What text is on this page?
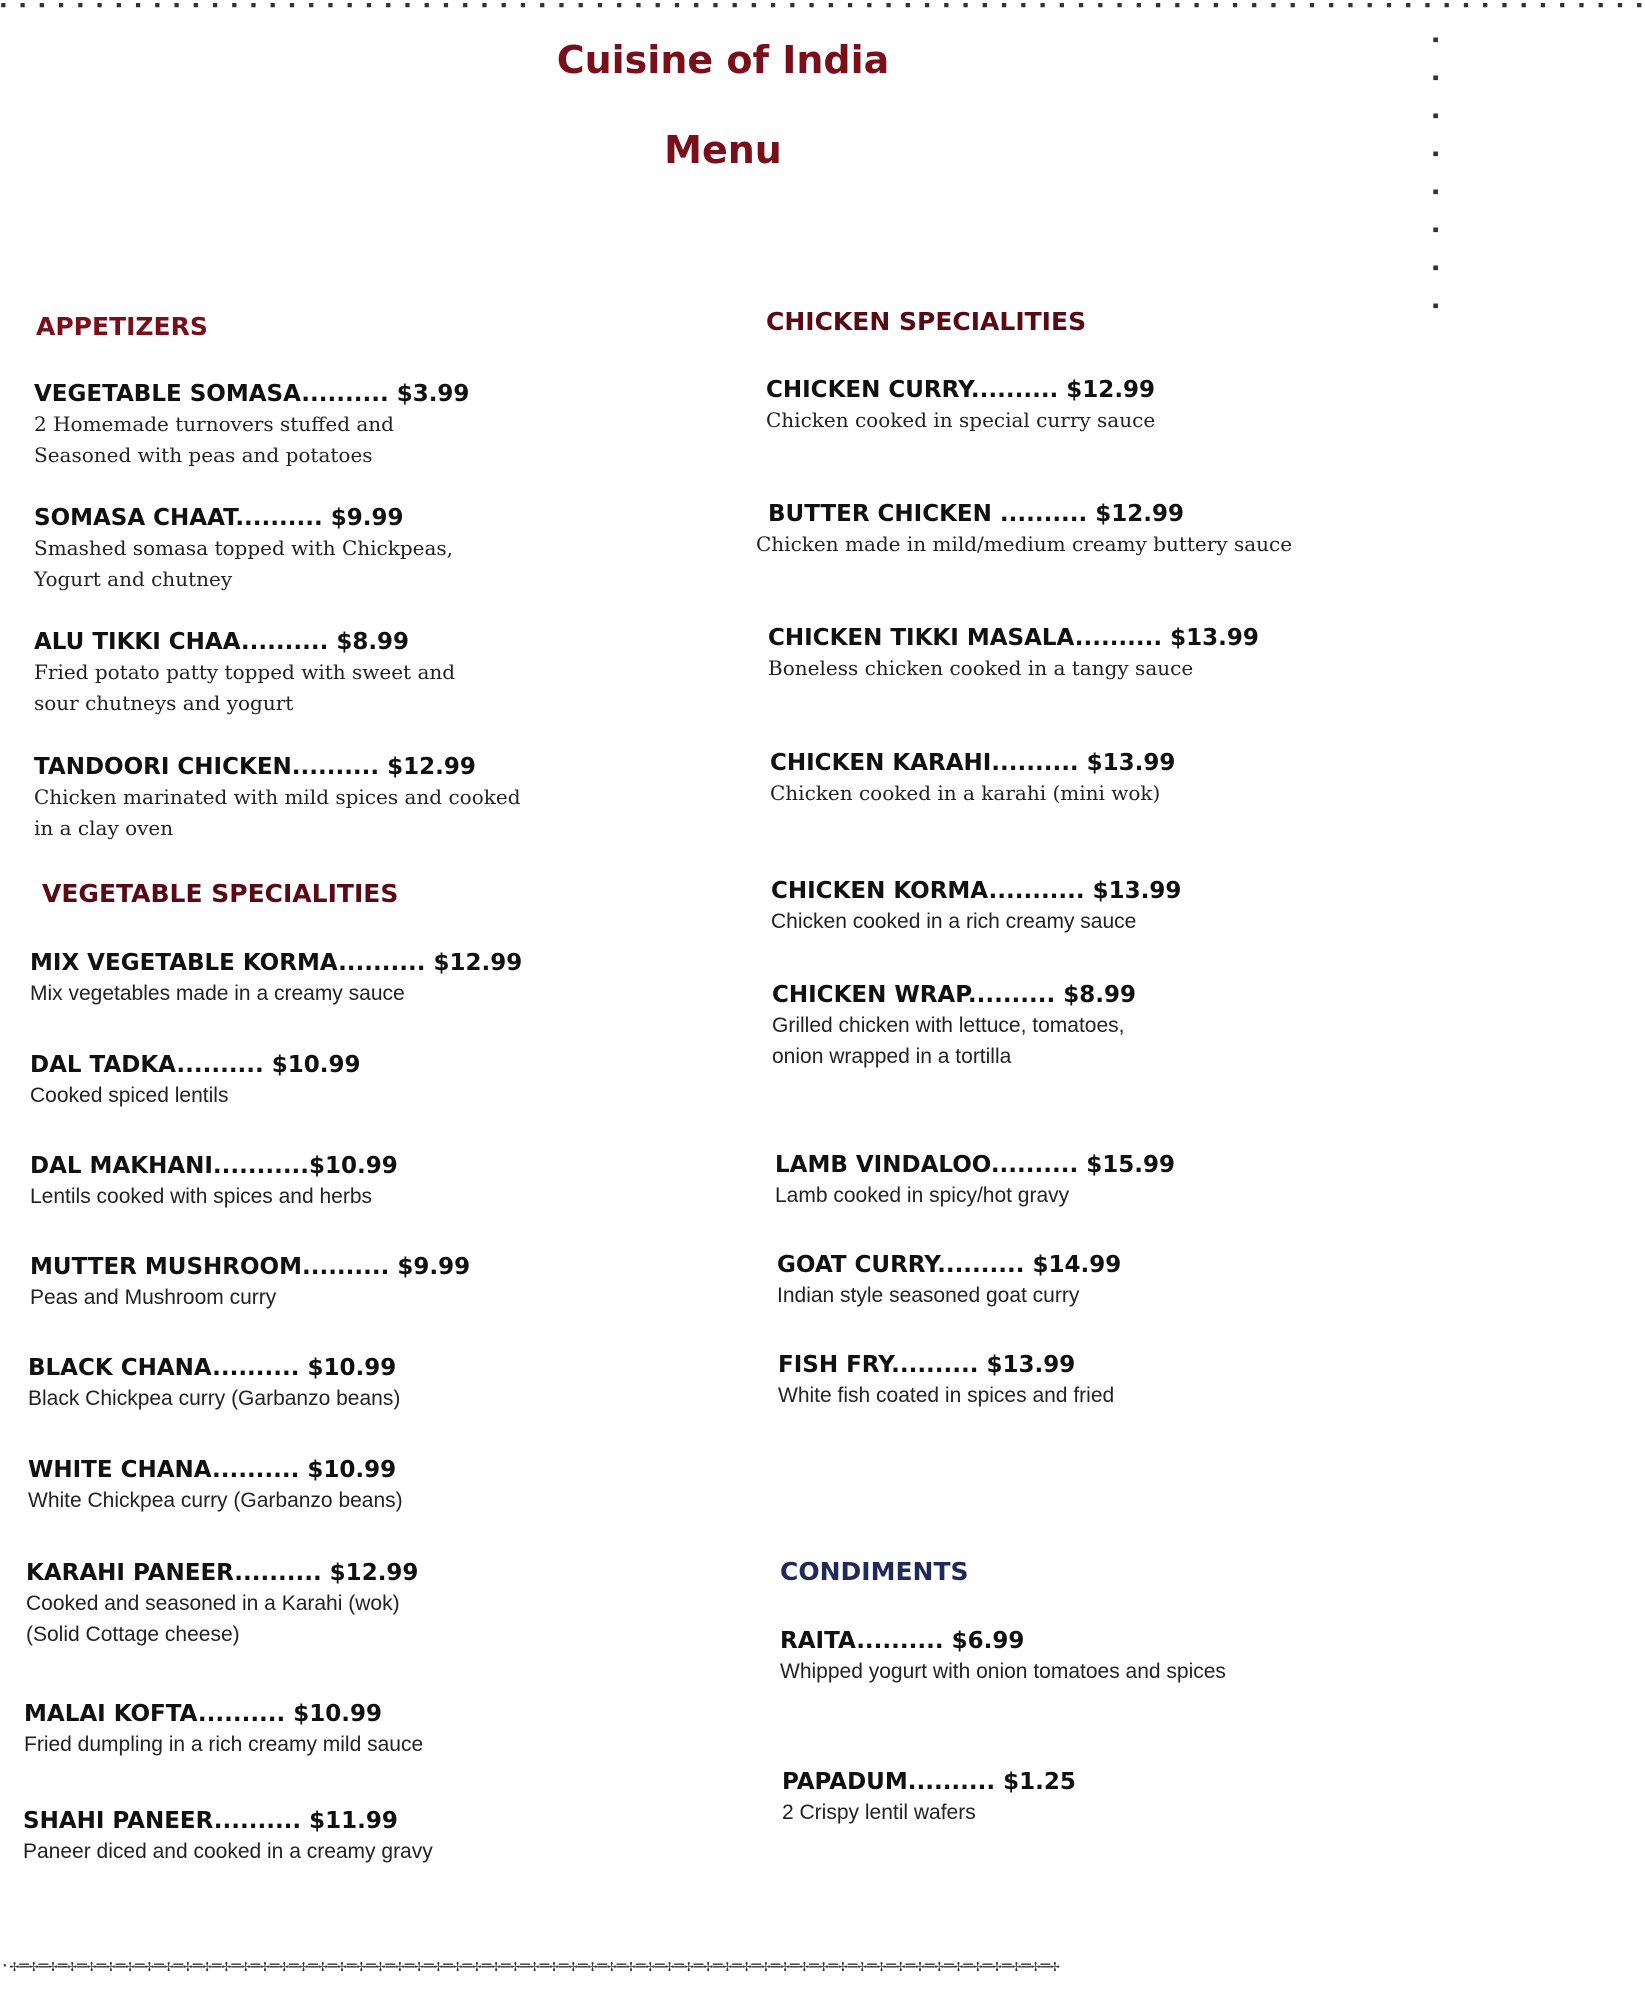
▪ ▪ ▪ ▪ ▪ ▪ ▪ ▪ ▪ ▪ ▪ ▪ ▪ ▪ ▪ ▪ ▪ ▪ ▪ ▪ ▪ ▪ ▪ ▪ ▪ ▪ ▪ ▪ ▪ ▪ ▪ ▪ ▪ ▪ ▪ ▪ ▪ ▪ ▪ ▪ ▪ ▪ ▪ ▪ ▪ ▪ ▪ ▪ ▪ ▪ ▪ ▪ ▪ ▪ ▪ ▪ ▪ ▪ ▪ ▪ ▪ ▪ ▪ ▪ ▪ ▪ ▪ ▪ ▪ ▪ ▪ ▪ ▪ ▪ ▪ ▪ ▪ ▪ ▪ ▪ ▪ ▪ ▪ ▪ ▪ ▪
▪ ▪ ▪ ▪ ▪ ▪ ▪ ▪
Cuisine of India
Menu
APPETIZERS
VEGETABLE SOMASA.......... $3.99
2 Homemade turnovers stuffed and
Seasoned with peas and potatoes
SOMASA CHAAT.......... $9.99
Smashed somasa topped with Chickpeas,
Yogurt and chutney
ALU TIKKI CHAA.......... $8.99
Fried potato patty topped with sweet and
sour chutneys and yogurt
TANDOORI CHICKEN.......... $12.99
Chicken marinated with mild spices and cooked
in a clay oven
VEGETABLE SPECIALITIES
MIX VEGETABLE KORMA.......... $12.99
Mix vegetables made in a creamy sauce
DAL TADKA.......... $10.99
Cooked spiced lentils
DAL MAKHANI...........$10.99
Lentils cooked with spices and herbs
MUTTER MUSHROOM.......... $9.99
Peas and Mushroom curry
BLACK CHANA.......... $10.99
Black Chickpea curry (Garbanzo beans)
WHITE CHANA.......... $10.99
White Chickpea curry (Garbanzo beans)
KARAHI PANEER.......... $12.99
Cooked and seasoned in a Karahi (wok)
(Solid Cottage cheese)
MALAI KOFTA.......... $10.99
Fried dumpling in a rich creamy mild sauce
SHAHI PANEER.......... $11.99
Paneer diced and cooked in a creamy gravy
CHICKEN SPECIALITIES
CHICKEN CURRY.......... $12.99
Chicken cooked in special curry sauce
BUTTER CHICKEN .......... $12.99
Chicken made in mild/medium creamy buttery sauce
CHICKEN TIKKI MASALA.......... $13.99
Boneless chicken cooked in a tangy sauce
CHICKEN KARAHI.......... $13.99
Chicken cooked in a karahi (mini wok)
CHICKEN KORMA........... $13.99
Chicken cooked in a rich creamy sauce
CHICKEN WRAP.......... $8.99
Grilled chicken with lettuce, tomatoes,
onion wrapped in a tortilla
LAMB VINDALOO.......... $15.99
Lamb cooked in spicy/hot gravy
GOAT CURRY.......... $14.99
Indian style seasoned goat curry
FISH FRY.......... $13.99
White fish coated in spices and fried
CONDIMENTS
RAITA.......... $6.99
Whipped yogurt with onion tomatoes and spices
PAPADUM.......... $1.25
2 Crispy lentil wafers
·✢═✢═✢═✢═✢═✢═✢═✢═✢═✢═✢═✢═✢═✢═✢═✢═✢═✢═✢═✢═✢═✢═✢═✢═✢═✢═✢═✢═✢═✢═✢═✢═✢═✢═✢═✢═✢═✢═✢═✢═✢═✢═✢═✢═✢═✢═✢═✢═✢═✢═✢═✢═✢═✢═✢
